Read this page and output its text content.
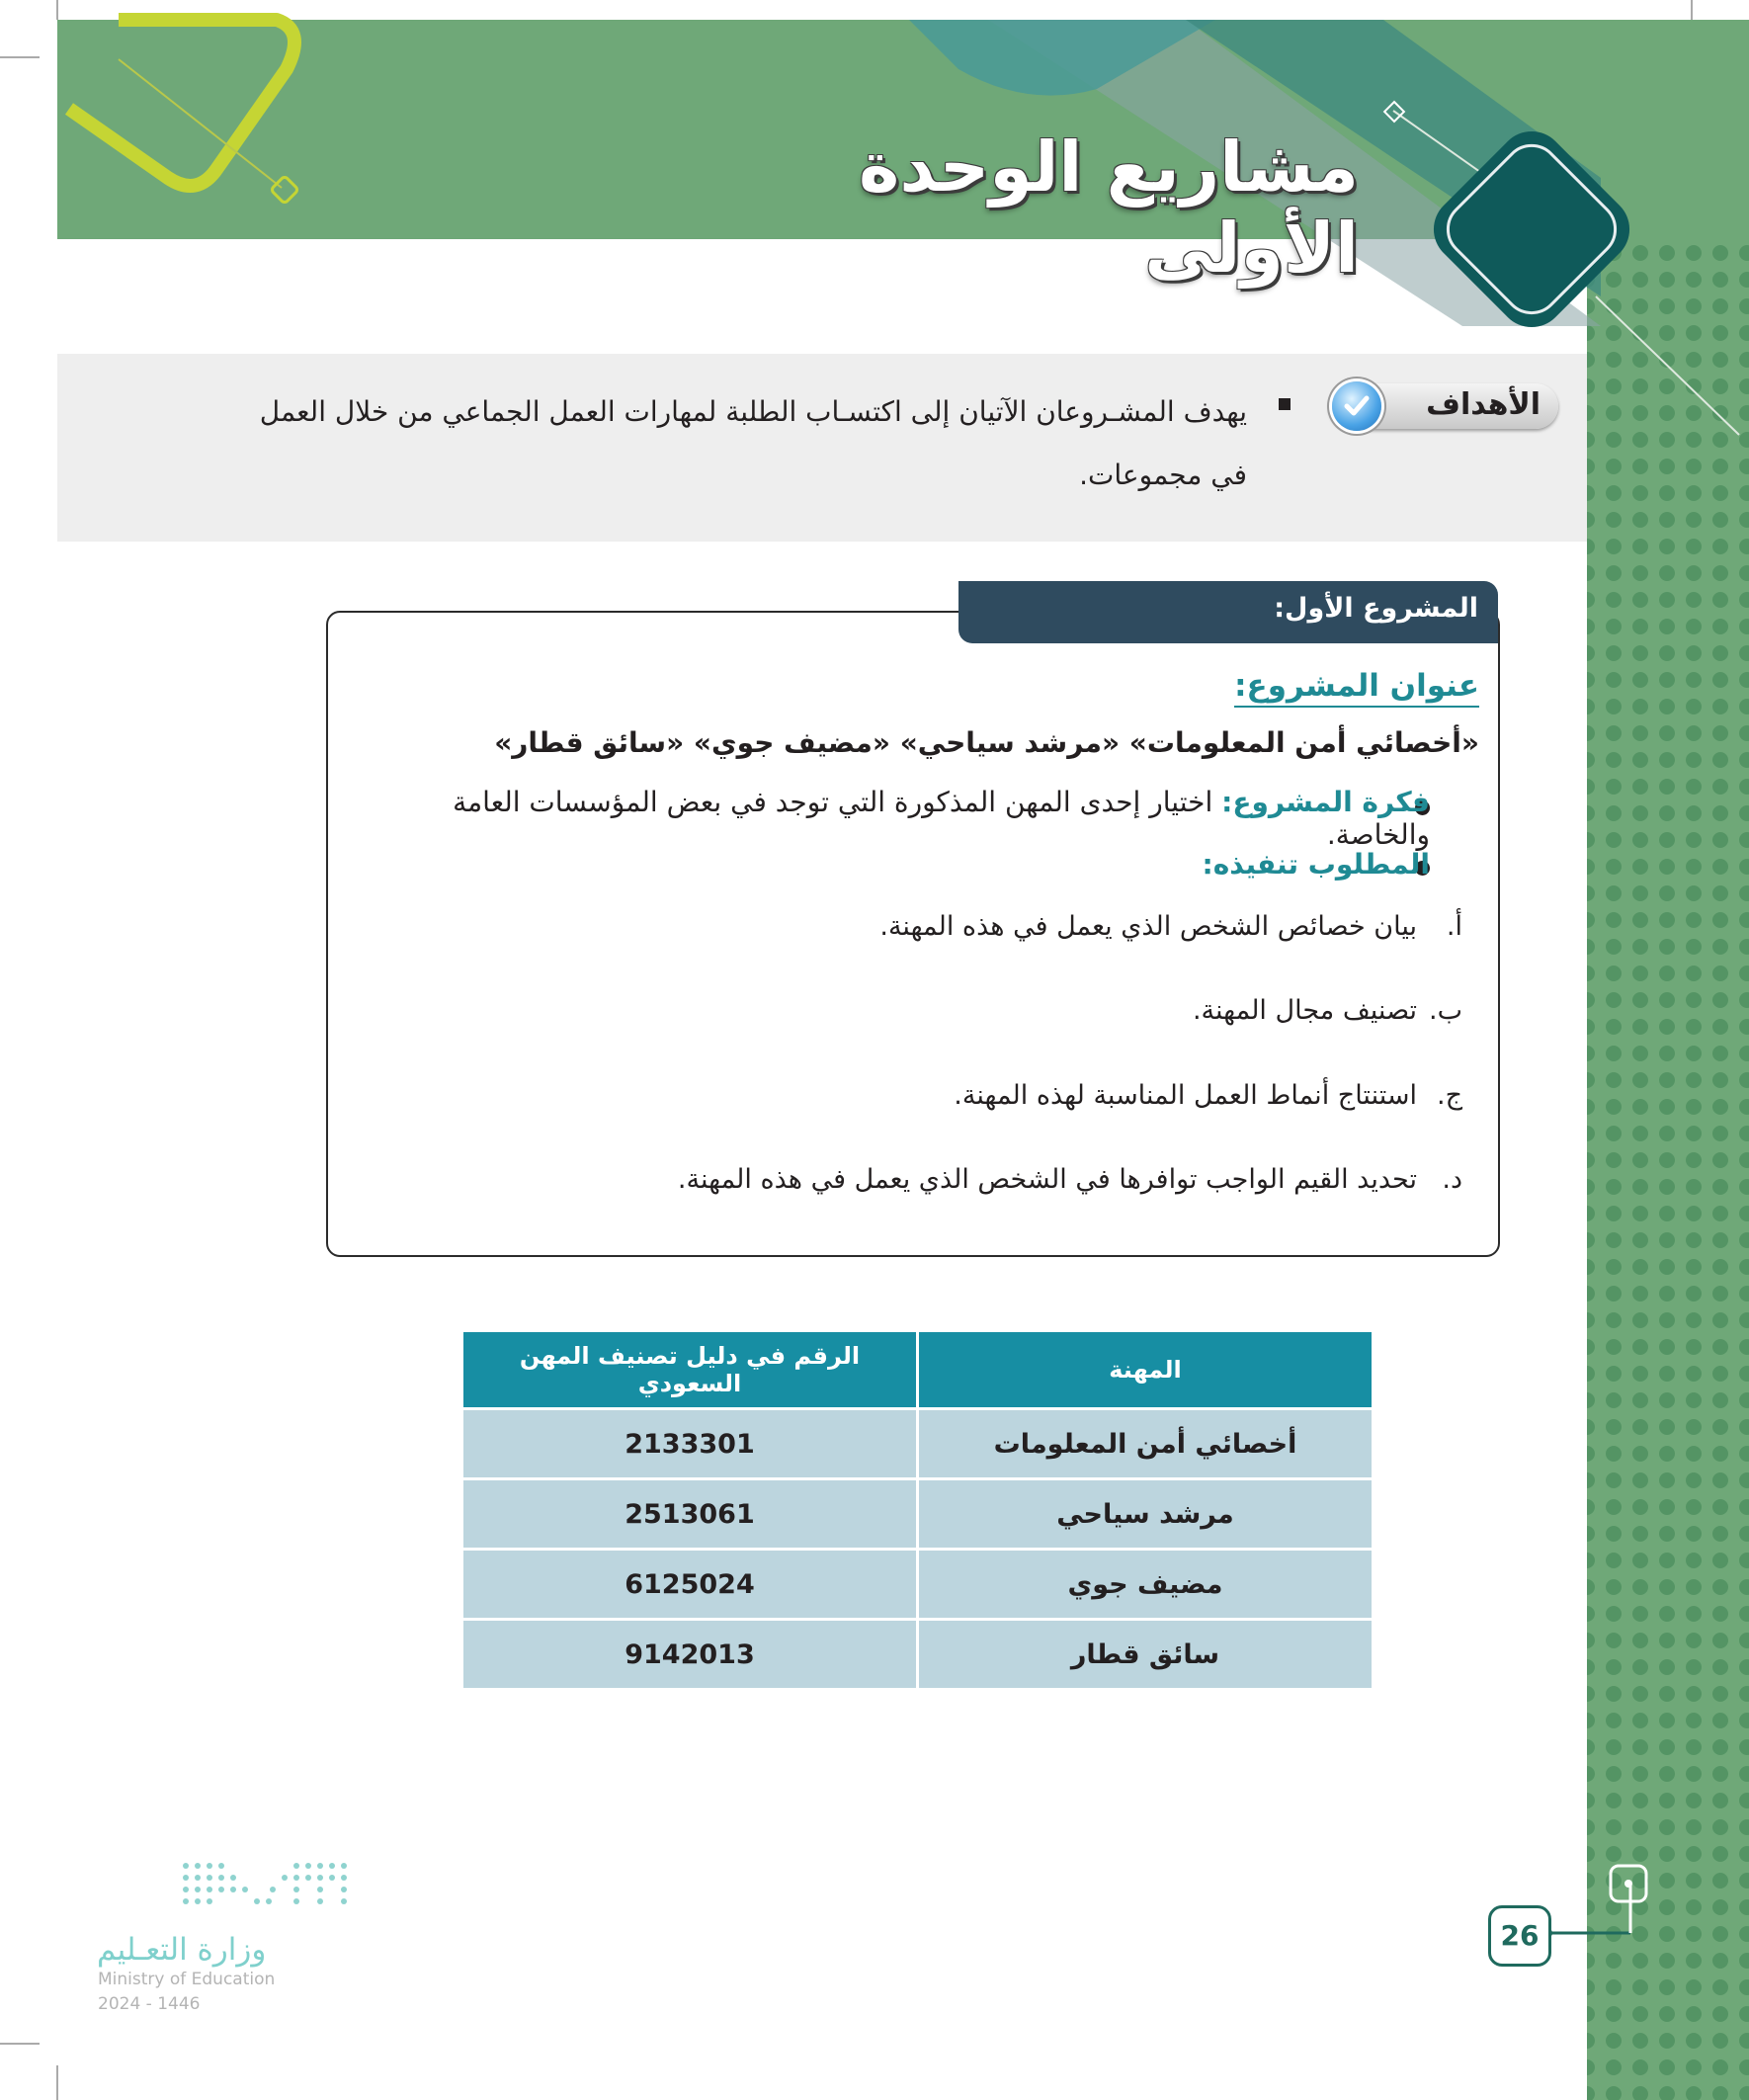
مشاريع الوحدة الأولى
الأهداف
يهدف المشـروعان الآتيان إلى اكتسـاب الطلبة لمهارات العمل الجماعي من خلال العمل في مجموعات.
المشروع الأول:
عنوان المشروع:
«أخصائي أمن المعلومات» «مرشد سياحي» «مضيف جوي» «سائق قطار»
فكرة المشروع: اختيار إحدى المهن المذكورة التي توجد في بعض المؤسسات العامة والخاصة.
المطلوب تنفيذه:
أ.بيان خصائص الشخص الذي يعمل في هذه المهنة.
ب.تصنيف مجال المهنة.
ج.استنتاج أنماط العمل المناسبة لهذه المهنة.
د.تحديد القيم الواجب توافرها في الشخص الذي يعمل في هذه المهنة.
المهنة	الرقم في دليل تصنيف المهن السعودي
أخصائي أمن المعلومات	2133301
مرشد سياحي	2513061
مضيف جوي	6125024
سائق قطار	9142013
26
وزارة التعـليم
Ministry of Education
2024 - 1446
